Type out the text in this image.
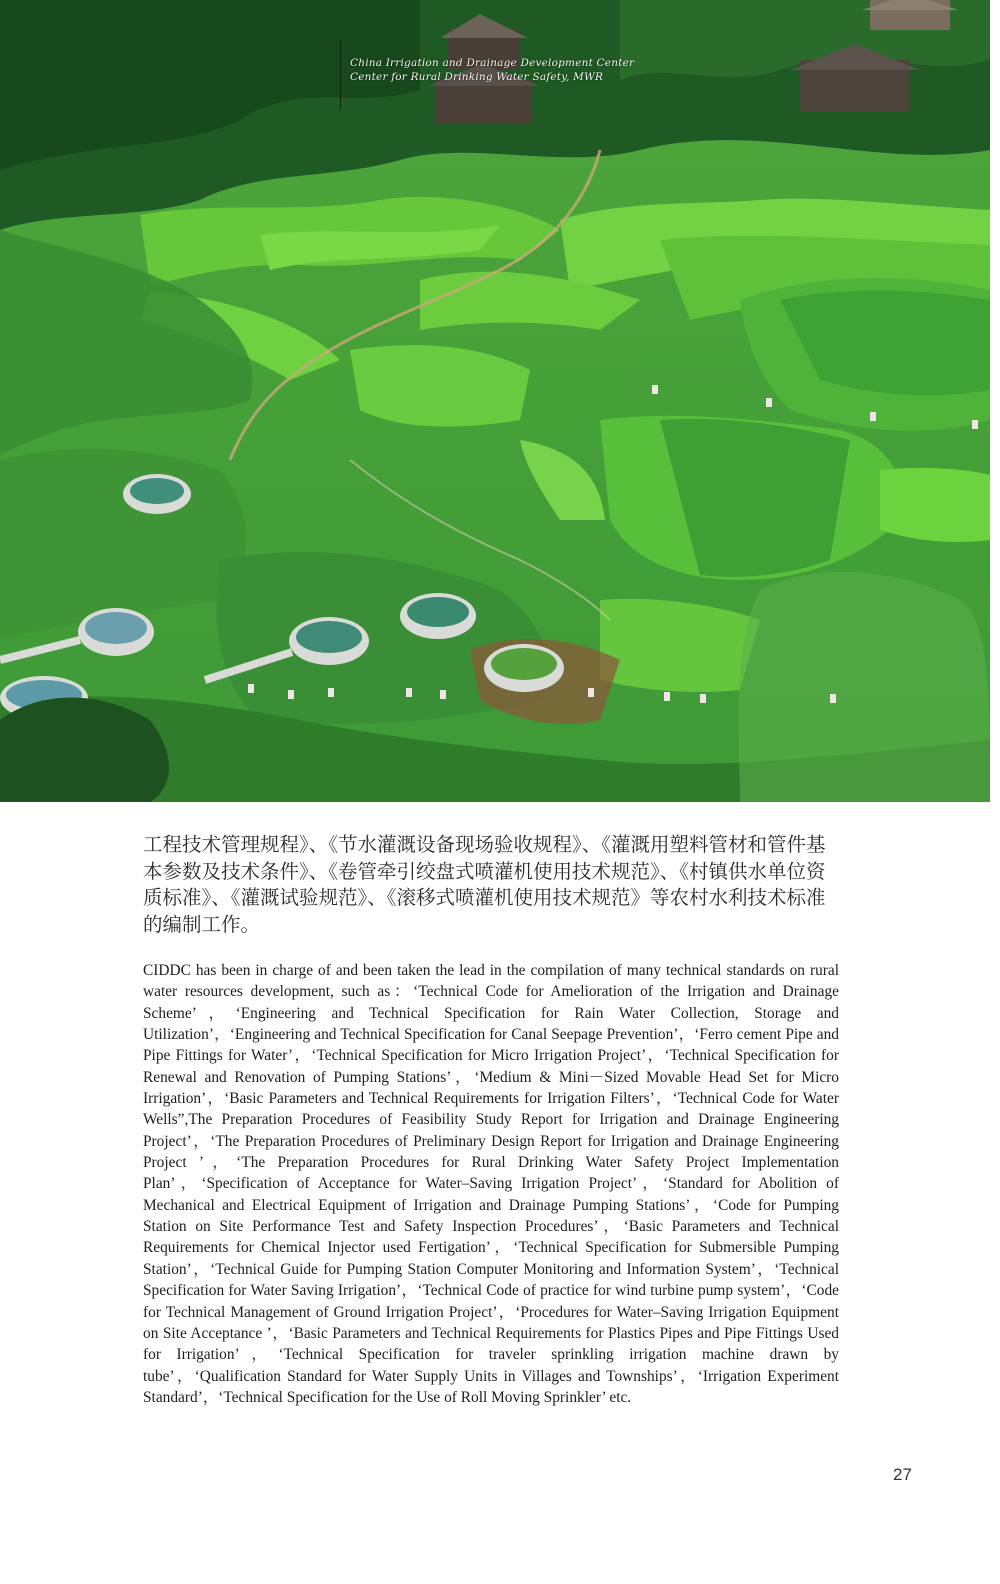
China Irrigation and Drainage Development Center
Center for Rural Drinking Water Safety, MWR
工程技术管理规程》、《节水灌溉设备现场验收规程》、《灌溉用塑料管材和管件基本参数及技术条件》、《卷管牵引绞盘式喷灌机使用技术规范》、《村镇供水单位资质标准》、《灌溉试验规范》、《滚移式喷灌机使用技术规范》等农村水利技术标准的编制工作。
CIDDC has been in charge of and been taken the lead in the compilation of many technical standards on rural water resources development, such as：‘Technical Code for Amelioration of the Irrigation and Drainage Scheme’，‘Engineering and Technical Specification for Rain Water Collection, Storage and Utilization’，‘Engineering and Technical Specification for Canal Seepage Prevention’，‘Ferro cement Pipe and Pipe Fittings for Water’，‘Technical Specification for Micro Irrigation Project’，‘Technical Specification for Renewal and Renovation of Pumping Stations’，‘Medium & Mini－Sized Movable Head Set for Micro Irrigation’，‘Basic Parameters and Technical Requirements for Irrigation Filters’，‘Technical Code for Water Wells”,The Preparation Procedures of Feasibility Study Report for Irrigation and Drainage Engineering Project’，‘The Preparation Procedures of Preliminary Design Report for Irrigation and Drainage Engineering Project ’，‘The Preparation Procedures for Rural Drinking Water Safety Project Implementation Plan’，‘Specification of Acceptance for Water–Saving Irrigation Project’，‘Standard for Abolition of Mechanical and Electrical Equipment of Irrigation and Drainage Pumping Stations’，‘Code for Pumping Station on Site Performance Test and Safety Inspection Procedures’，‘Basic Parameters and Technical Requirements for Chemical Injector used Fertigation’，‘Technical Specification for Submersible Pumping Station’，‘Technical Guide for Pumping Station Computer Monitoring and Information System’，‘Technical Specification for Water Saving Irrigation’，‘Technical Code of practice for wind turbine pump system’，‘Code for Technical Management of Ground Irrigation Project’，‘Procedures for Water–Saving Irrigation Equipment on Site Acceptance ’，‘Basic Parameters and Technical Requirements for Plastics Pipes and Pipe Fittings Used for Irrigation’，‘Technical Specification for traveler sprinkling irrigation machine drawn by tube’，‘Qualification Standard for Water Supply Units in Villages and Townships’，‘Irrigation Experiment Standard’，‘Technical Specification for the Use of Roll Moving Sprinkler’ etc.
27
